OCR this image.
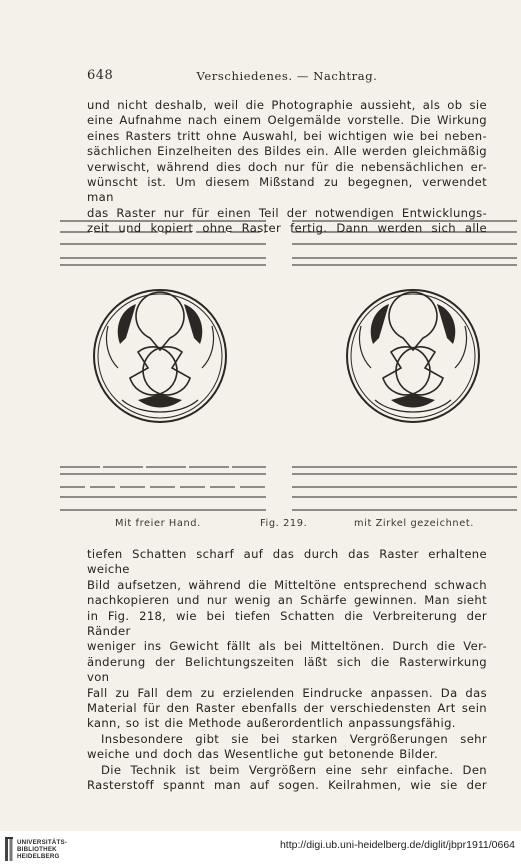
648	Verschiedenes. — Nachtrag.

und nicht deshalb, weil die Photographie aussieht, als ob sie

eine Aufnahme nach einem Oelgemälde vorstelle. Die Wirkung

eines Rasters tritt ohne Auswahl, bei wichtigen wie bei neben-

sächlichen Einzelheiten des Bildes ein. Alle werden gleichmäßig

verwischt, während dies doch nur für die nebensächlichen er-

wünscht ist. Um diesem Mißstand zu begegnen, verwendet man

das Raster nur für einen Teil der notwendigen Entwicklungs-

zeit und kopiert ohne Raster fertig. Dann werden sich alle

Mit freier Hand.	Fig. 219.	mit Zirkel gezeichnet.

tiefen Schatten scharf auf das durch das Raster erhaltene weiche

Bild aufsetzen, während die Mitteltöne entsprechend schwach

nachkopieren und nur wenig an Schärfe gewinnen. Man sieht

in Fig. 218, wie bei tiefen Schatten die Verbreiterung der Ränder

weniger ins Gewicht fällt als bei Mitteltönen. Durch die Ver-

änderung der Belichtungszeiten läßt sich die Rasterwirkung von

Fall zu Fall dem zu erzielenden Eindrucke anpassen. Da das

Material für den Raster ebenfalls der verschiedensten Art sein

kann, so ist die Methode außerordentlich anpassungsfähig.

Insbesondere gibt sie bei starken Vergrößerungen sehr

weiche und doch das Wesentliche gut betonende Bilder.

Die Technik ist beim Vergrößern eine sehr einfache. Den

Rasterstoff spannt man auf sogen. Keilrahmen, wie sie der

UNIVERSITÄTS-
BIBLIOTHEK
HEIDELBERG
http://digi.ub.uni-heidelberg.de/diglit/jbpr1911/0664
